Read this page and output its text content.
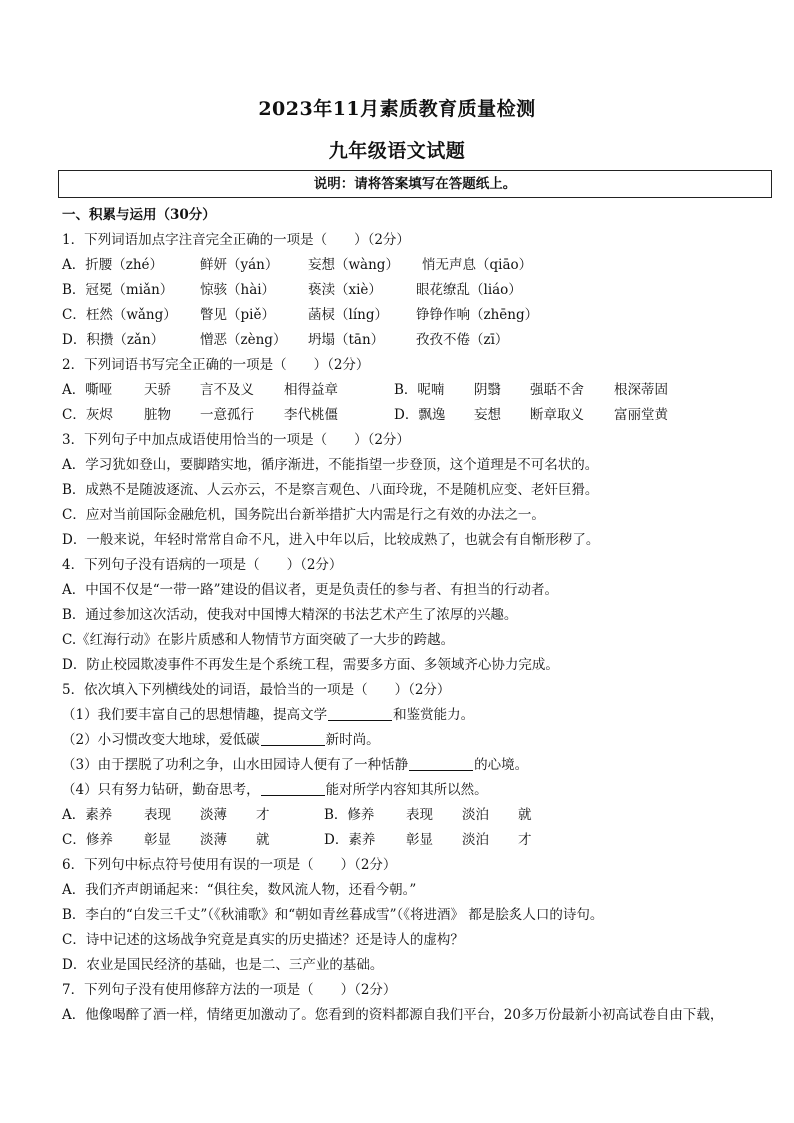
2023年11月素质教育质量检测
九年级语文试题
说明：请将答案填写在答题纸上。
一、积累与运用（30分）
1．下列词语加点字注音完全正确的一项是（　　）（2分）
A．折腰（zhé）	鲜妍（yán） 妄想（wàng） 悄无声息（qiāo）
B．冠冕（miǎn） 惊骇（hài） 亵渎（xiè）	眼花缭乱（liáo）
C．枉然（wǎng） 瞥见（piě） 菡棂（líng） 铮铮作响（zhēng）
D．积攒（zǎn）	憎恶（zèng） 坍塌（tān） 孜孜不倦（zī）
2．下列词语书写完全正确的一项是（　　）（2分）
A．嘶哑 天骄 言不及义 相得益章	B．呢喃 阴翳 强聒不舍 根深蒂固
C．灰烬 脏物 一意孤行 李代桃僵	D．飘逸 妄想 断章取义 富丽堂黄
3．下列句子中加点成语使用恰当的一项是（　　）（2分）
A．学习犹如登山，要脚踏实地，循序渐进，不能指望一步登顶，这个道理是不可名状的。
B．成熟不是随波逐流、人云亦云，不是察言观色、八面玲珑，不是随机应变、老奸巨猾。
C．应对当前国际金融危机，国务院出台新举措扩大内需是行之有效的办法之一。
D．一般来说，年轻时常常自命不凡，进入中年以后，比较成熟了，也就会有自惭形秽了。
4．下列句子没有语病的一项是（　　）（2分）
A．中国不仅是“一带一路”建设的倡议者，更是负责任的参与者、有担当的行动者。
B．通过参加这次活动，使我对中国博大精深的书法艺术产生了浓厚的兴趣。
C.《红海行动》在影片质感和人物情节方面突破了一大步的跨越。
D．防止校园欺凌事件不再发生是个系统工程，需要多方面、多领域齐心协力完成。
5．依次填入下列横线处的词语，最恰当的一项是（　　）（2分）
（1）我们要丰富自己的思想情趣，提高文学	和鉴赏能力。
（2）小习惯改变大地球，爱低碳	新时尚。
（3）由于摆脱了功利之争，山水田园诗人便有了一种恬静	的心境。
（4）只有努力钻研，勤奋思考，	能对所学内容知其所以然。
A．素养 表现 淡薄 才	B．修养 表现 淡泊 就
C．修养 彰显 淡薄 就	D．素养 彰显 淡泊 才
6．下列句中标点符号使用有误的一项是（　　）（2分）
A．我们齐声朗诵起来：“俱往矣，数风流人物，还看今朝。”
B．李白的“白发三千丈”（《秋浦歌》和“朝如青丝暮成雪”（《将进酒》 都是脍炙人口的诗句。
C．诗中记述的这场战争究竟是真实的历史描述？还是诗人的虚构？
D．农业是国民经济的基础，也是二、三产业的基础。
7．下列句子没有使用修辞方法的一项是（　　）（2分）
A．他像喝醉了酒一样，情绪更加激动了。您看到的资料都源自我们平台，20多万份最新小初高试卷自由下载，
